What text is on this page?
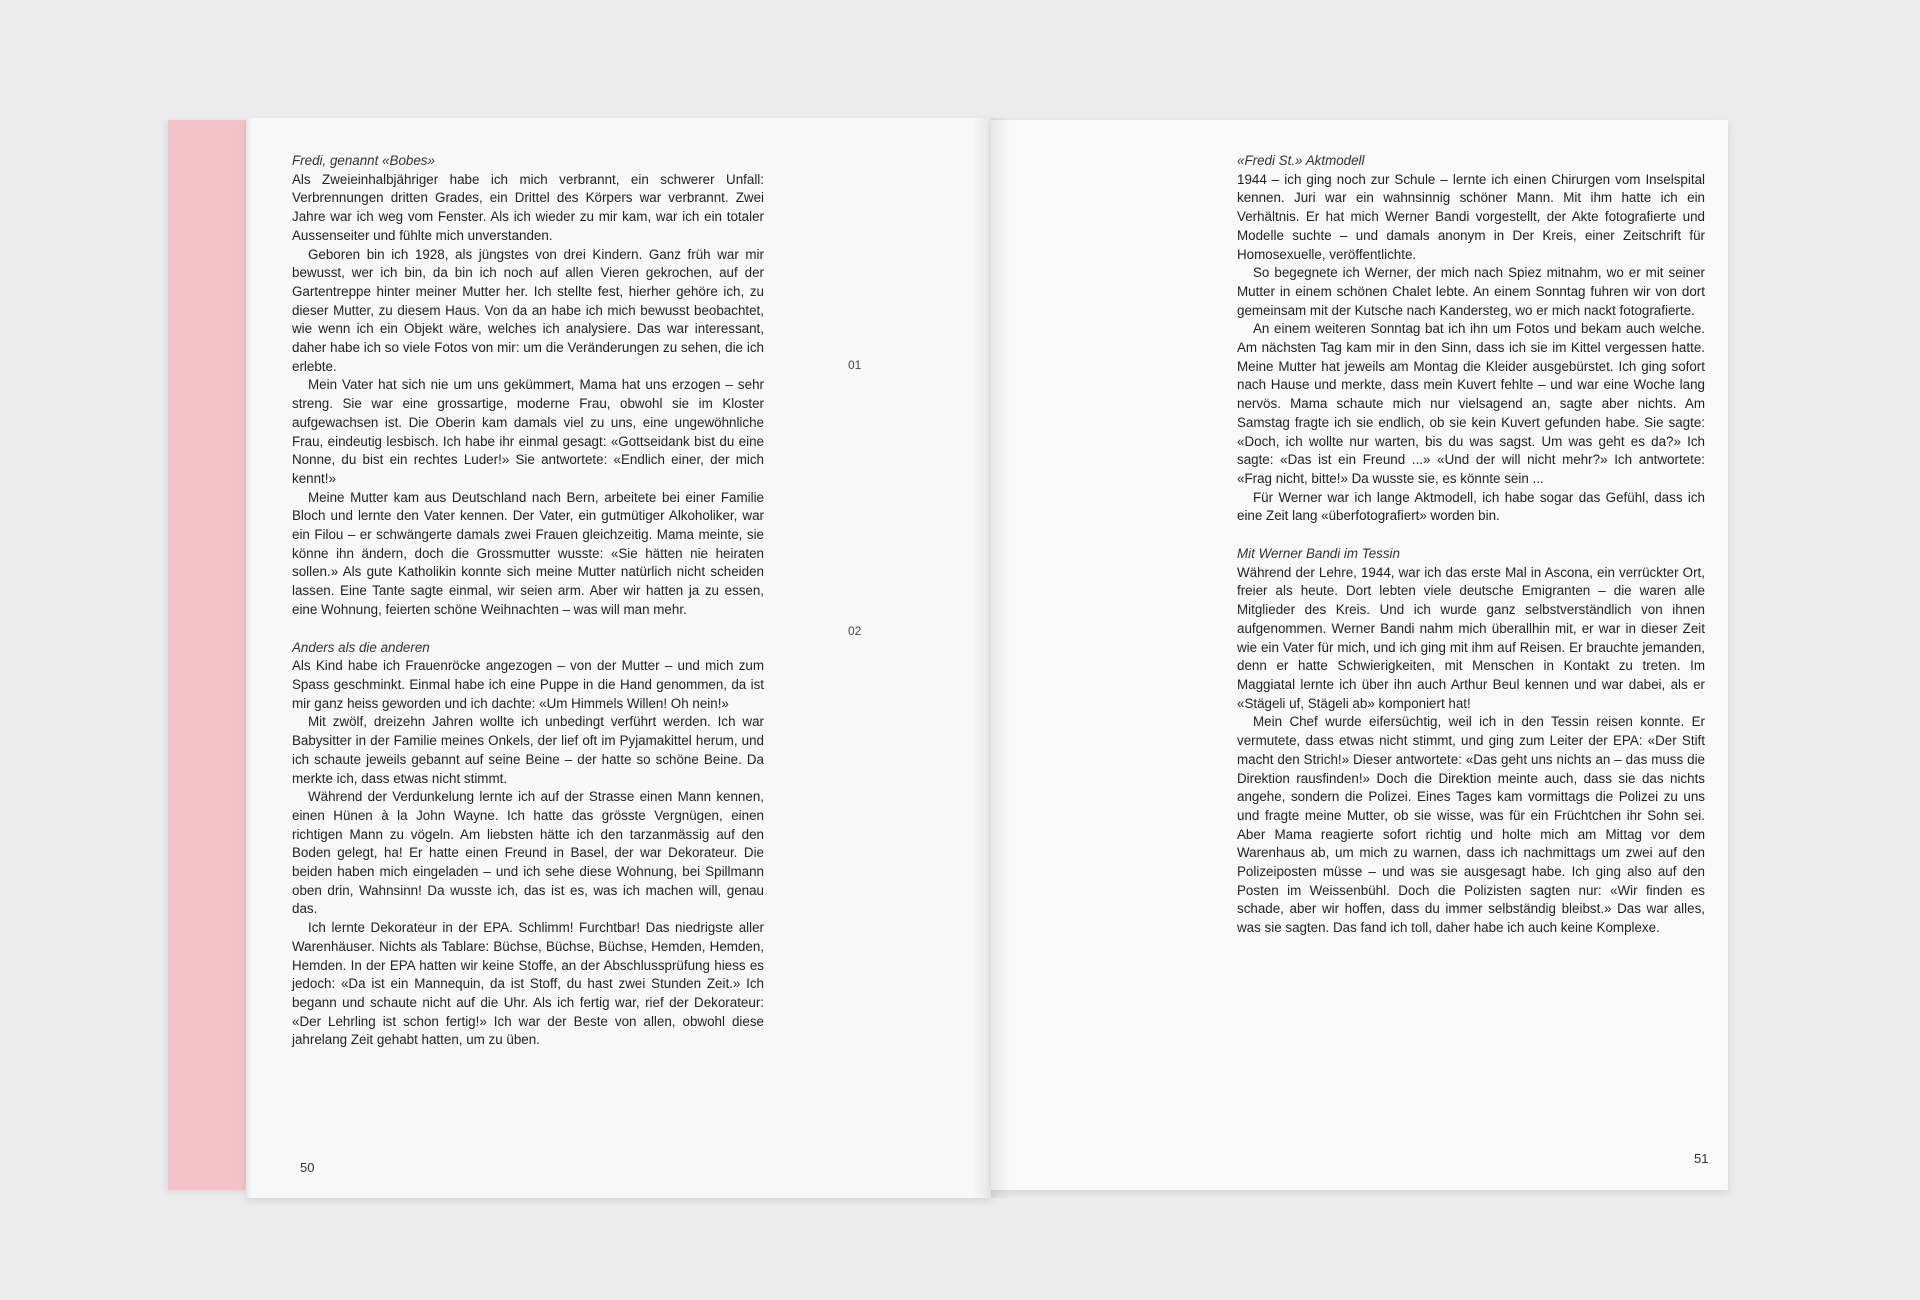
Fredi, genannt «Bobes»

Als Zweieinhalbjähriger habe ich mich verbrannt, ein schwerer Unfall: Verbrennungen dritten Grades, ein Drittel des Körpers war verbrannt. Zwei Jahre war ich weg vom Fenster. Als ich wieder zu mir kam, war ich ein totaler Aussenseiter und fühlte mich unverstanden.

Geboren bin ich 1928, als jüngstes von drei Kindern. Ganz früh war mir bewusst, wer ich bin, da bin ich noch auf allen Vieren gekrochen, auf der Gartentreppe hinter meiner Mutter her. Ich stellte fest, hierher gehöre ich, zu dieser Mutter, zu diesem Haus. Von da an habe ich mich bewusst beobachtet, wie wenn ich ein Objekt wäre, welches ich analysiere. Das war interessant, daher habe ich so viele Fotos von mir: um die Veränderungen zu sehen, die ich erlebte.

Mein Vater hat sich nie um uns gekümmert, Mama hat uns erzogen – sehr streng. Sie war eine grossartige, moderne Frau, obwohl sie im Kloster aufgewachsen ist. Die Oberin kam damals viel zu uns, eine ungewöhnliche Frau, eindeutig lesbisch. Ich habe ihr einmal gesagt: «Gottseidank bist du eine Nonne, du bist ein rechtes Luder!» Sie antwortete: «Endlich einer, der mich kennt!»

Meine Mutter kam aus Deutschland nach Bern, arbeitete bei einer Familie Bloch und lernte den Vater kennen. Der Vater, ein gutmütiger Alkoholiker, war ein Filou – er schwängerte damals zwei Frauen gleichzeitig. Mama meinte, sie könne ihn ändern, doch die Grossmutter wusste: «Sie hätten nie heiraten sollen.» Als gute Katholikin konnte sich meine Mutter natürlich nicht scheiden lassen. Eine Tante sagte einmal, wir seien arm. Aber wir hatten ja zu essen, eine Wohnung, feierten schöne Weihnachten – was will man mehr.

Anders als die anderen

Als Kind habe ich Frauenröcke angezogen – von der Mutter – und mich zum Spass geschminkt. Einmal habe ich eine Puppe in die Hand genommen, da ist mir ganz heiss geworden und ich dachte: «Um Himmels Willen! Oh nein!»

Mit zwölf, dreizehn Jahren wollte ich unbedingt verführt werden. Ich war Babysitter in der Familie meines Onkels, der lief oft im Pyjamakittel herum, und ich schaute jeweils gebannt auf seine Beine – der hatte so schöne Beine. Da merkte ich, dass etwas nicht stimmt.

Während der Verdunkelung lernte ich auf der Strasse einen Mann kennen, einen Hünen à la John Wayne. Ich hatte das grösste Vergnügen, einen richtigen Mann zu vögeln. Am liebsten hätte ich den tarzanmässig auf den Boden gelegt, ha! Er hatte einen Freund in Basel, der war Dekorateur. Die beiden haben mich eingeladen – und ich sehe diese Wohnung, bei Spillmann oben drin, Wahnsinn! Da wusste ich, das ist es, was ich machen will, genau das.

Ich lernte Dekorateur in der EPA. Schlimm! Furchtbar! Das niedrigste aller Warenhäuser. Nichts als Tablare: Büchse, Büchse, Büchse, Hemden, Hemden, Hemden. In der EPA hatten wir keine Stoffe, an der Abschlussprüfung hiess es jedoch: «Da ist ein Mannequin, da ist Stoff, du hast zwei Stunden Zeit.» Ich begann und schaute nicht auf die Uhr. Als ich fertig war, rief der Dekorateur: «Der Lehrling ist schon fertig!» Ich war der Beste von allen, obwohl diese jahrelang Zeit gehabt hatten, um zu üben.

01
02
50

«Fredi St.» Aktmodell

1944 – ich ging noch zur Schule – lernte ich einen Chirurgen vom Inselspital kennen. Juri war ein wahnsinnig schöner Mann. Mit ihm hatte ich ein Verhältnis. Er hat mich Werner Bandi vorgestellt, der Akte fotografierte und Modelle suchte – und damals anonym in Der Kreis, einer Zeitschrift für Homosexuelle, veröffentlichte.

So begegnete ich Werner, der mich nach Spiez mitnahm, wo er mit seiner Mutter in einem schönen Chalet lebte. An einem Sonntag fuhren wir von dort gemeinsam mit der Kutsche nach Kandersteg, wo er mich nackt fotografierte.

An einem weiteren Sonntag bat ich ihn um Fotos und bekam auch welche. Am nächsten Tag kam mir in den Sinn, dass ich sie im Kittel vergessen hatte. Meine Mutter hat jeweils am Montag die Kleider ausgebürstet. Ich ging sofort nach Hause und merkte, dass mein Kuvert fehlte – und war eine Woche lang nervös. Mama schaute mich nur vielsagend an, sagte aber nichts. Am Samstag fragte ich sie endlich, ob sie kein Kuvert gefunden habe. Sie sagte: «Doch, ich wollte nur warten, bis du was sagst. Um was geht es da?» Ich sagte: «Das ist ein Freund ...» «Und der will nicht mehr?» Ich antwortete: «Frag nicht, bitte!» Da wusste sie, es könnte sein ...

Für Werner war ich lange Aktmodell, ich habe sogar das Gefühl, dass ich eine Zeit lang «überfotografiert» worden bin.

Mit Werner Bandi im Tessin

Während der Lehre, 1944, war ich das erste Mal in Ascona, ein verrückter Ort, freier als heute. Dort lebten viele deutsche Emigranten – die waren alle Mitglieder des Kreis. Und ich wurde ganz selbstverständlich von ihnen aufgenommen. Werner Bandi nahm mich überallhin mit, er war in dieser Zeit wie ein Vater für mich, und ich ging mit ihm auf Reisen. Er brauchte jemanden, denn er hatte Schwierigkeiten, mit Menschen in Kontakt zu treten. Im Maggiatal lernte ich über ihn auch Arthur Beul kennen und war dabei, als er «Stägeli uf, Stägeli ab» komponiert hat!

Mein Chef wurde eifersüchtig, weil ich in den Tessin reisen konnte. Er vermutete, dass etwas nicht stimmt, und ging zum Leiter der EPA: «Der Stift macht den Strich!» Dieser antwortete: «Das geht uns nichts an – das muss die Direktion rausfinden!» Doch die Direktion meinte auch, dass sie das nichts angehe, sondern die Polizei. Eines Tages kam vormittags die Polizei zu uns und fragte meine Mutter, ob sie wisse, was für ein Früchtchen ihr Sohn sei. Aber Mama reagierte sofort richtig und holte mich am Mittag vor dem Warenhaus ab, um mich zu warnen, dass ich nachmittags um zwei auf den Polizeiposten müsse – und was sie ausgesagt habe. Ich ging also auf den Posten im Weissenbühl. Doch die Polizisten sagten nur: «Wir finden es schade, aber wir hoffen, dass du immer selbständig bleibst.» Das war alles, was sie sagten. Das fand ich toll, daher habe ich auch keine Komplexe.

51
